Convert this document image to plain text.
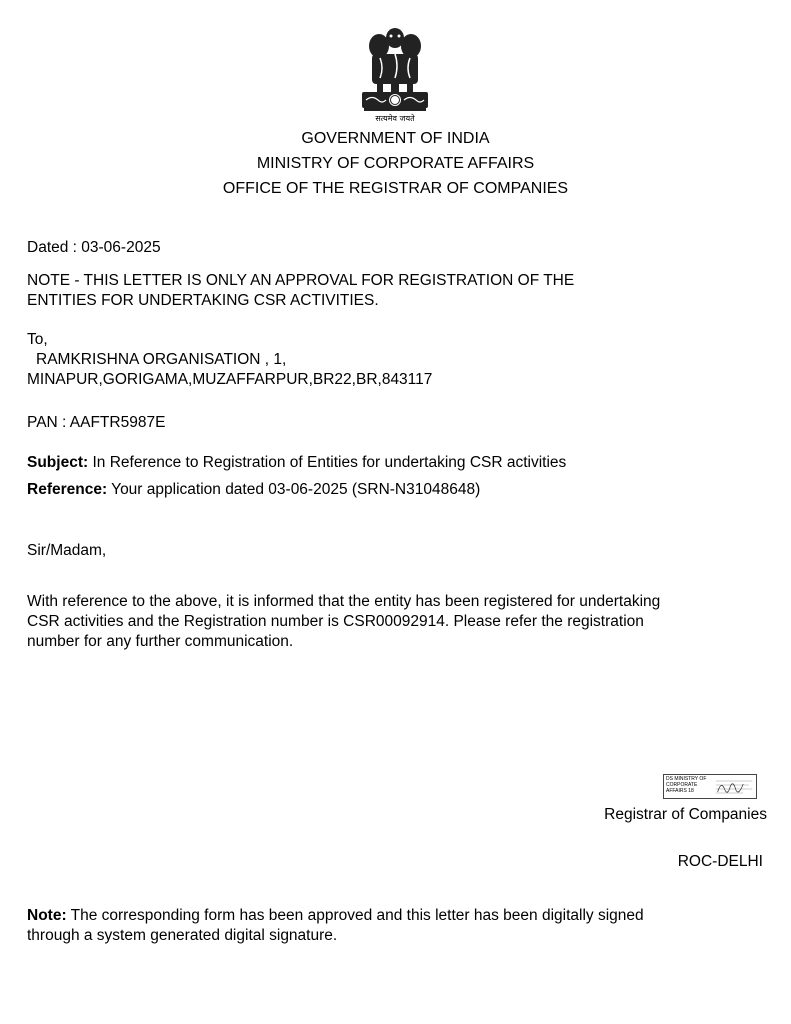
सत्यमेव जयते
GOVERNMENT OF INDIA
MINISTRY OF CORPORATE AFFAIRS
OFFICE OF THE REGISTRAR OF COMPANIES
Dated : 03-06-2025
NOTE - THIS LETTER IS ONLY AN APPROVAL FOR REGISTRATION OF THE
ENTITIES FOR UNDERTAKING CSR ACTIVITIES.
To,
RAMKRISHNA ORGANISATION , 1,
MINAPUR,GORIGAMA,MUZAFFARPUR,BR22,BR,843117
PAN : AAFTR5987E
Subject: In Reference to Registration of Entities for undertaking CSR activities
Reference: Your application dated 03-06-2025 (SRN-N31048648)
Sir/Madam,
With reference to the above, it is informed that the entity has been registered for undertaking
CSR activities and the Registration number is CSR00092914. Please refer the registration
number for any further communication.
DS MINISTRY OF
CORPORATE
AFFAIRS 18
Registrar of Companies
ROC-DELHI
Note: The corresponding form has been approved and this letter has been digitally signed
through a system generated digital signature.
